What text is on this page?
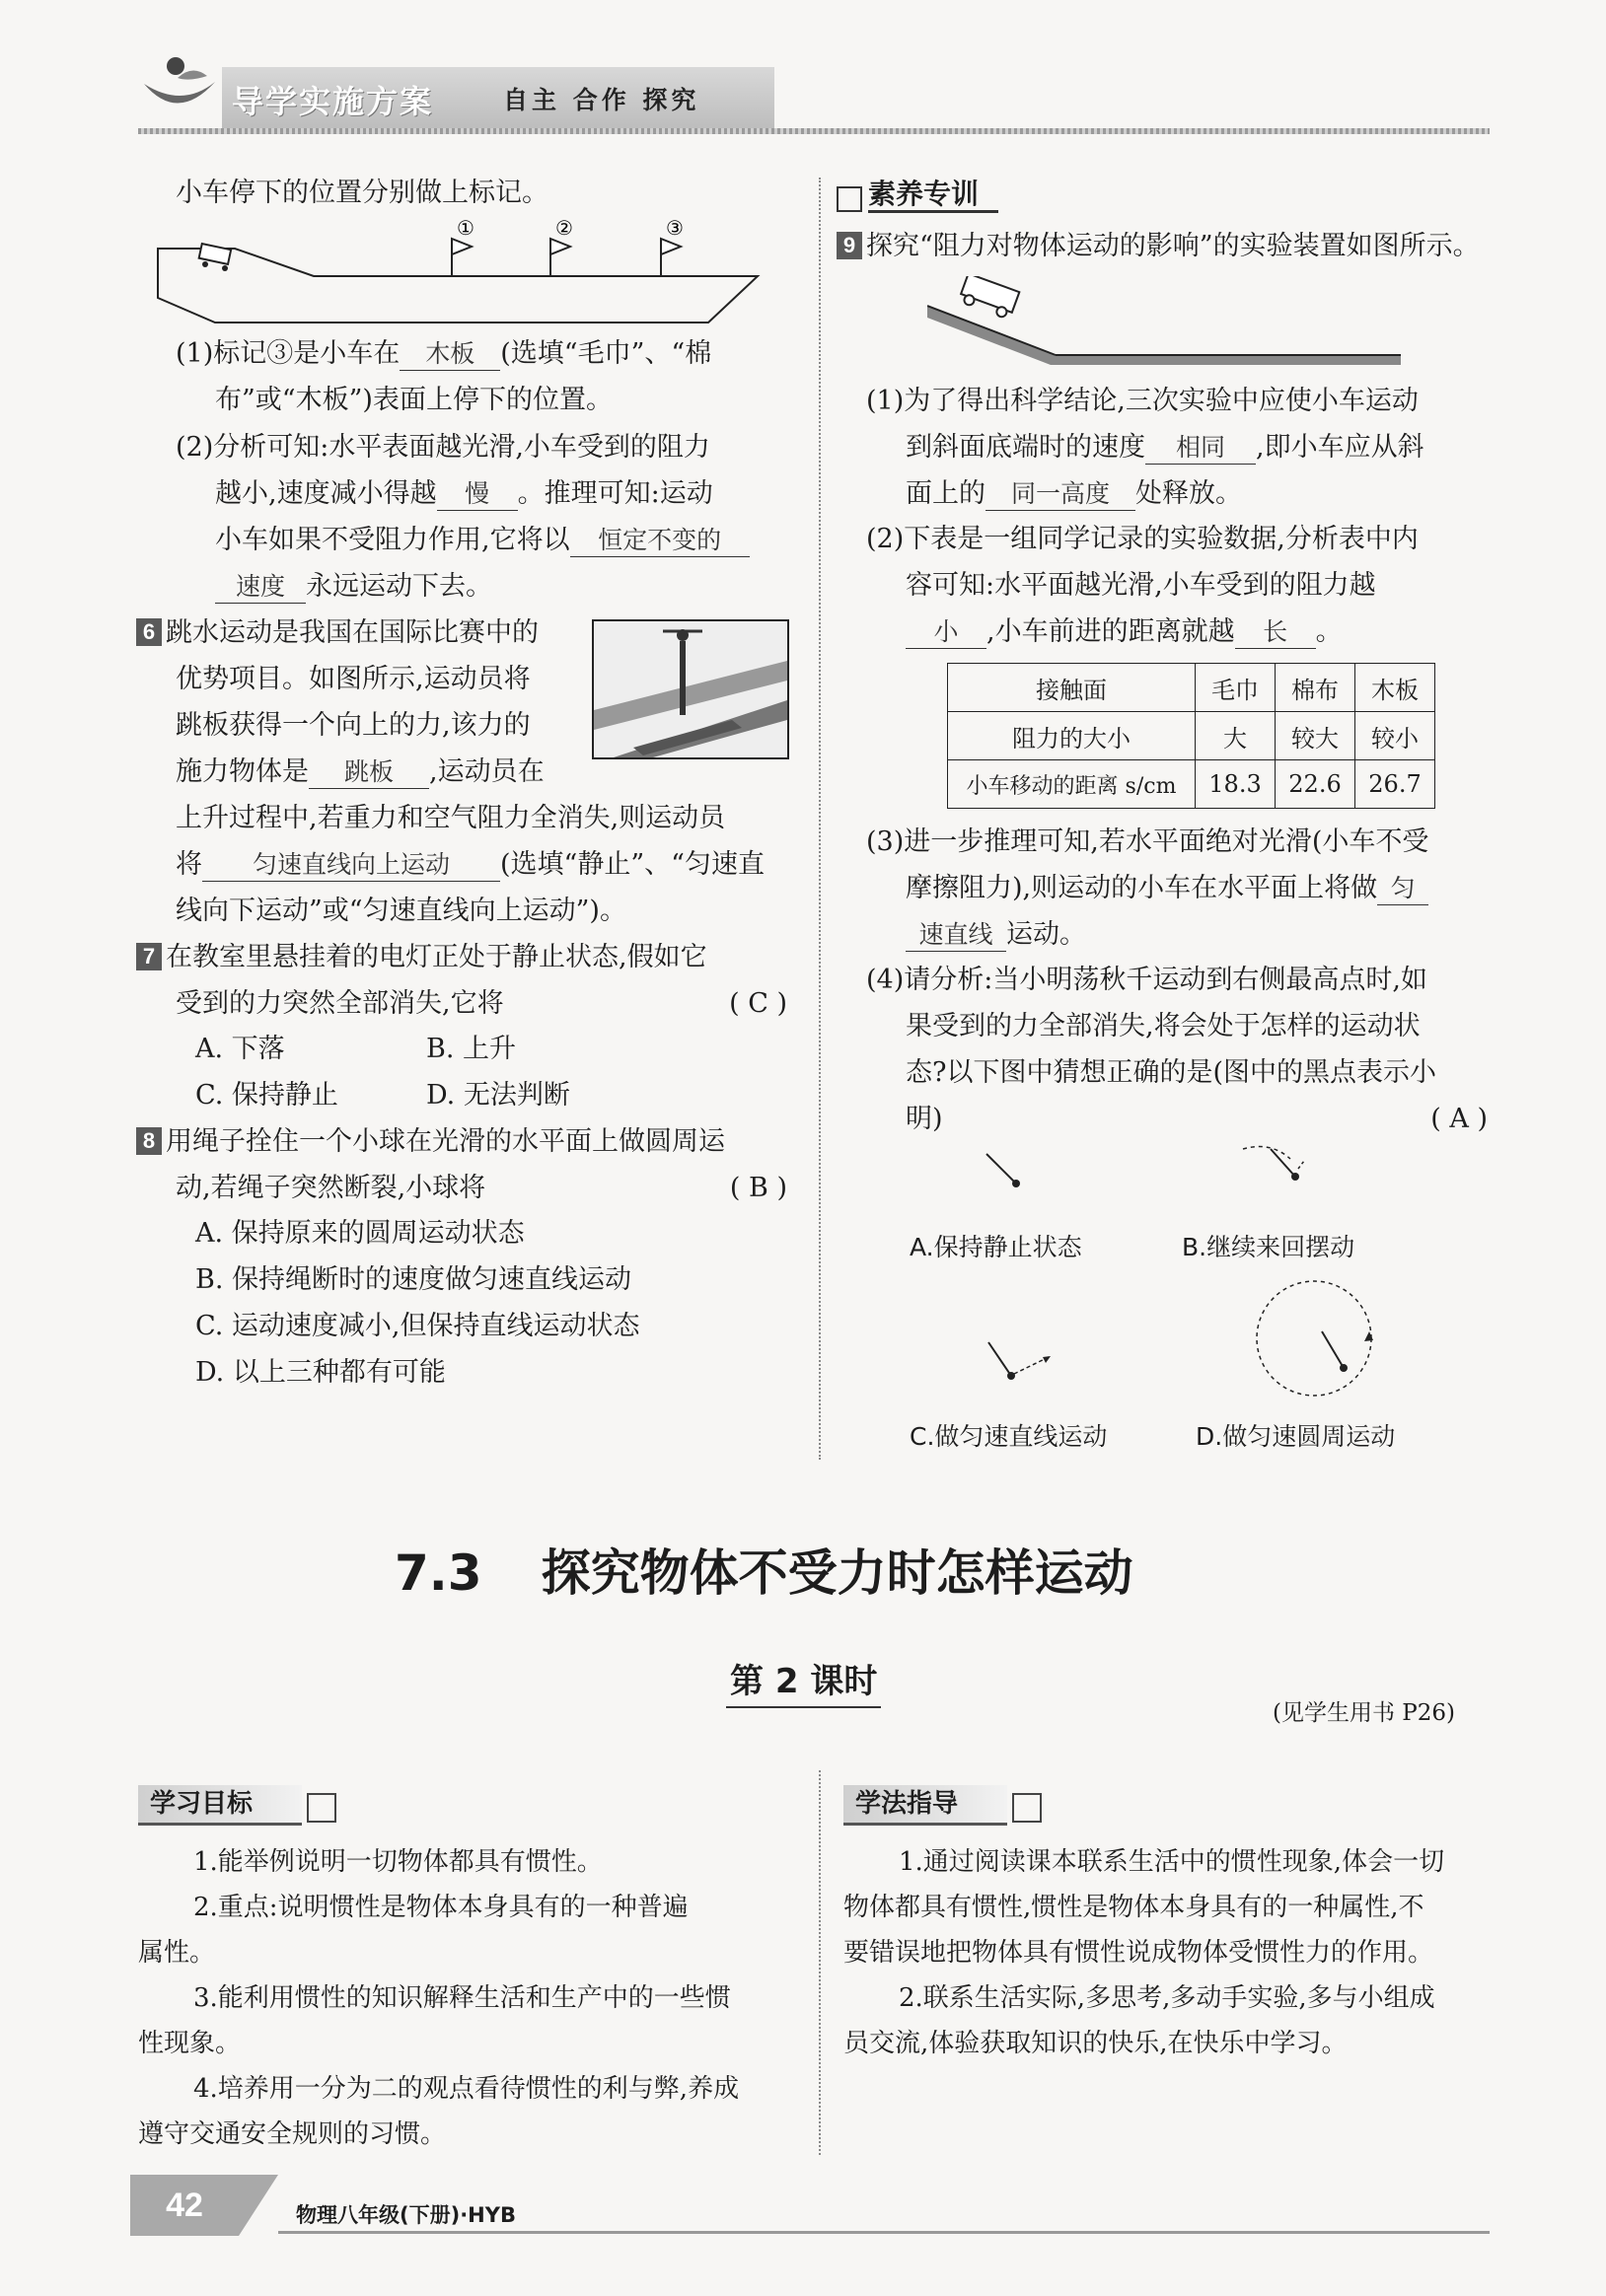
导学实施方案	自主 合作 探究
小车停下的位置分别做上标记。
①	②	③
(1)标记③是小车在 木板 (选填“毛巾”、“棉
布”或“木板”)表面上停下的位置。
(2)分析可知:水平表面越光滑,小车受到的阻力
越小,速度减小得越 慢 。推理可知:运动
小车如果不受阻力作用,它将以 恒定不变的
速度 永远运动下去。
6 跳水运动是我国在国际比赛中的
优势项目。如图所示,运动员将
跳板获得一个向上的力,该力的
施力物体是 跳板 ,运动员在
上升过程中,若重力和空气阻力全消失,则运动员
将 匀速直线向上运动 (选填“静止”、“匀速直
线向下运动”或“匀速直线向上运动”)。
7 在教室里悬挂着的电灯正处于静止状态,假如它
受到的力突然全部消失,它将	( C )
A. 下落	B. 上升
C. 保持静止	D. 无法判断
8 用绳子拴住一个小球在光滑的水平面上做圆周运
动,若绳子突然断裂,小球将	( B )
A. 保持原来的圆周运动状态
B. 保持绳断时的速度做匀速直线运动
C. 运动速度减小,但保持直线运动状态
D. 以上三种都有可能
素养专训
9 探究“阻力对物体运动的影响”的实验装置如图所示。
(1)为了得出科学结论,三次实验中应使小车运动
到斜面底端时的速度 相同 ,即小车应从斜
面上的 同一高度 处释放。
(2)下表是一组同学记录的实验数据,分析表中内
容可知:水平面越光滑,小车受到的阻力越
小 ,小车前进的距离就越 长 。
接触面	毛巾	棉布	木板
阻力的大小	大	较大	较小
小车移动的距离 s/cm	18.3	22.6	26.7
(3)进一步推理可知,若水平面绝对光滑(小车不受
摩擦阻力),则运动的小车在水平面上将做 匀
速直线 运动。
(4)请分析:当小明荡秋千运动到右侧最高点时,如
果受到的力全部消失,将会处于怎样的运动状
态?以下图中猜想正确的是(图中的黑点表示小
明)	( A )
A.保持静止状态	B.继续来回摆动
C.做匀速直线运动	D.做匀速圆周运动
7.3 探究物体不受力时怎样运动
第 2 课时
(见学生用书 P26)
学习目标
1.能举例说明一切物体都具有惯性。
2.重点:说明惯性是物体本身具有的一种普遍
属性。
3.能利用惯性的知识解释生活和生产中的一些惯
性现象。
4.培养用一分为二的观点看待惯性的利与弊,养成
遵守交通安全规则的习惯。
学法指导
1.通过阅读课本联系生活中的惯性现象,体会一切
物体都具有惯性,惯性是物体本身具有的一种属性,不
要错误地把物体具有惯性说成物体受惯性力的作用。
2.联系生活实际,多思考,多动手实验,多与小组成
员交流,体验获取知识的快乐,在快乐中学习。
42	物理八年级(下册)·HYB
